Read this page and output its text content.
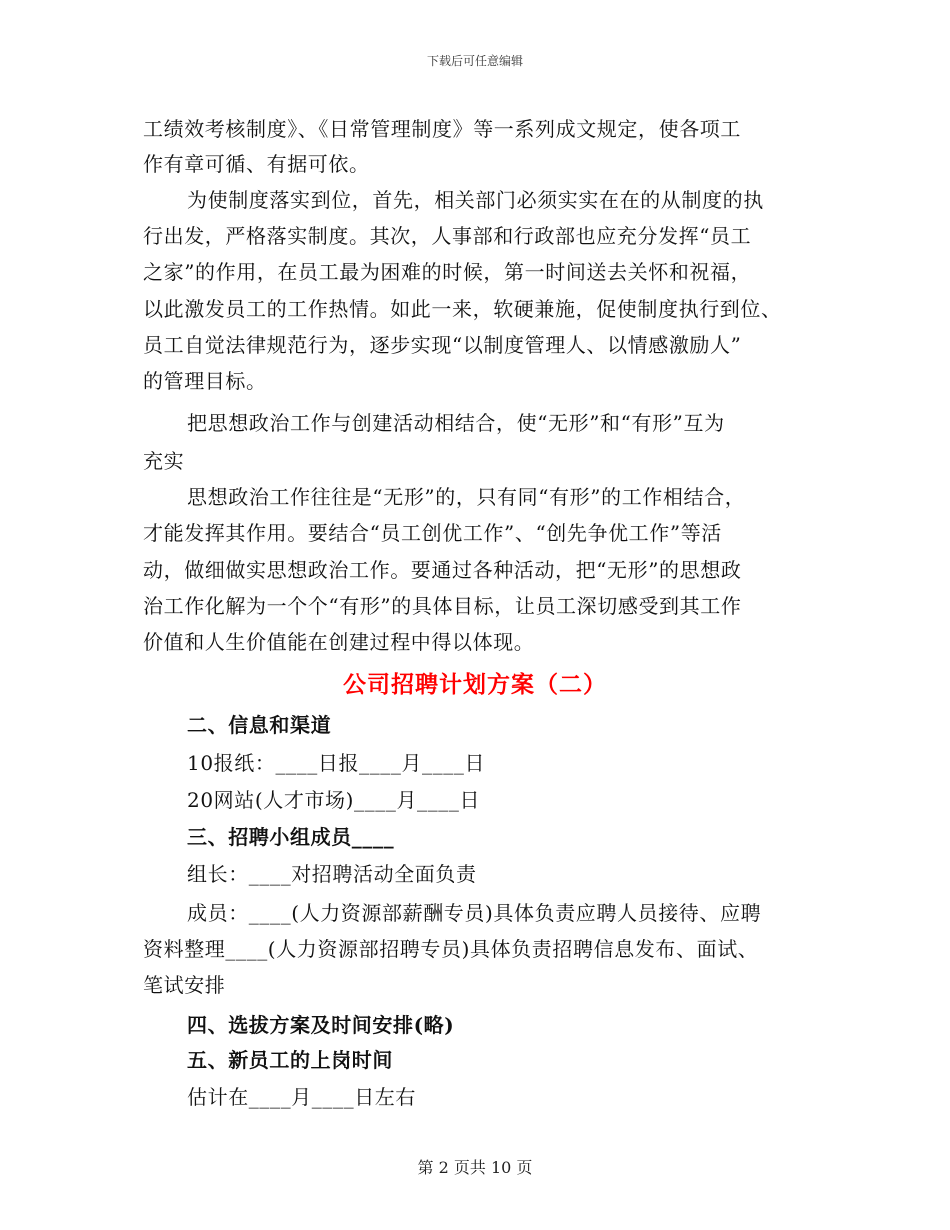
下载后可任意编辑
工绩效考核制度》、《日常管理制度》等一系列成文规定，使各项工
作有章可循、有据可依。
为使制度落实到位，首先，相关部门必须实实在在的从制度的执
行出发，严格落实制度。其次，人事部和行政部也应充分发挥“员工
之家”的作用，在员工最为困难的时候，第一时间送去关怀和祝福，
以此激发员工的工作热情。如此一来，软硬兼施，促使制度执行到位、
员工自觉法律规范行为，逐步实现“以制度管理人、以情感激励人”
的管理目标。
把思想政治工作与创建活动相结合，使“无形”和“有形”互为
充实
思想政治工作往往是“无形”的，只有同“有形”的工作相结合，
才能发挥其作用。要结合“员工创优工作”、“创先争优工作”等活
动，做细做实思想政治工作。要通过各种活动，把“无形”的思想政
治工作化解为一个个“有形”的具体目标，让员工深切感受到其工作
价值和人生价值能在创建过程中得以体现。
公司招聘计划方案（二）
二、信息和渠道
10报纸：____日报____月____日
20网站(人才市场)____月____日
三、招聘小组成员____
组长：____对招聘活动全面负责
成员：____(人力资源部薪酬专员)具体负责应聘人员接待、应聘
资料整理____(人力资源部招聘专员)具体负责招聘信息发布、面试、
笔试安排
四、选拔方案及时间安排(略)
五、新员工的上岗时间
估计在____月____日左右
第 2 页共 10 页
